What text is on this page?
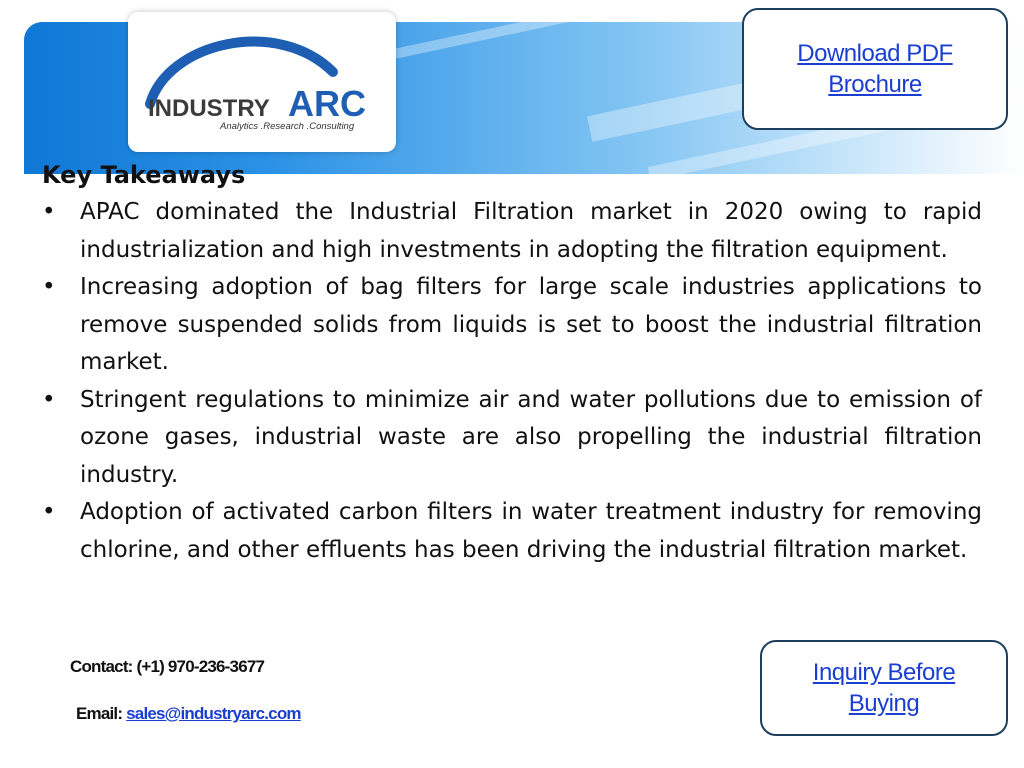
INDUSTRY ARC
Analytics .Research .Consulting
Download PDF
Brochure

Key Takeaways

• APAC dominated the Industrial Filtration market in 2020 owing to rapid industrialization and high investments in adopting the filtration equipment.
• Increasing adoption of bag filters for large scale industries applications to remove suspended solids from liquids is set to boost the industrial filtration market.
• Stringent regulations to minimize air and water pollutions due to emission of ozone gases, industrial waste are also propelling the industrial filtration industry.
• Adoption of activated carbon filters in water treatment industry for removing chlorine, and other effluents has been driving the industrial filtration market.
Contact: (+1) 970-236-3677
Email: sales@industryarc.com
Inquiry Before
Buying
